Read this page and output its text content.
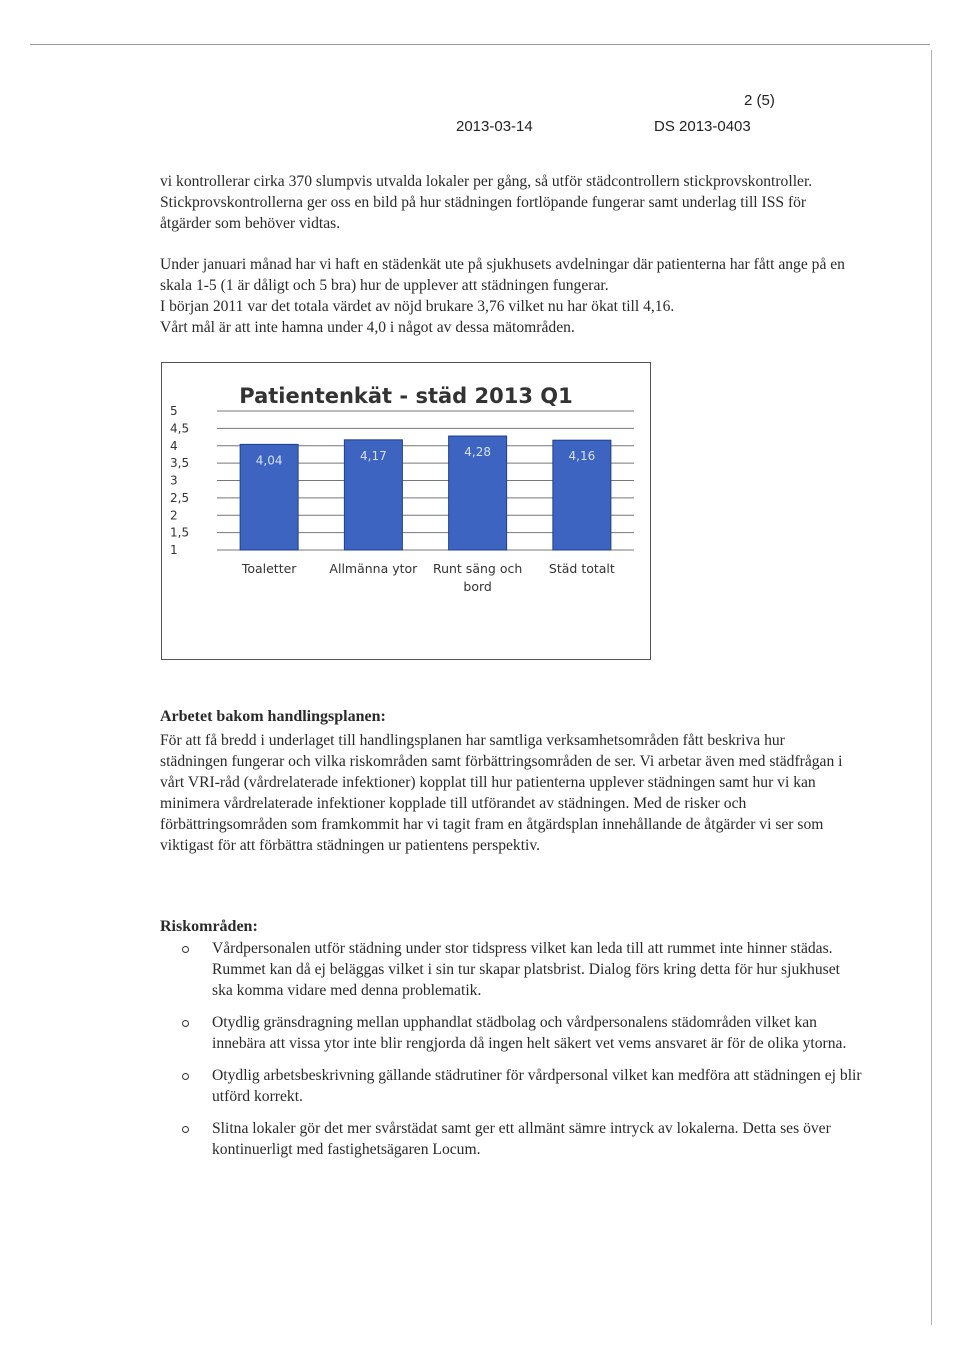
2 (5)
2013-03-14	DS 2013-0403

vi kontrollerar cirka 370 slumpvis utvalda lokaler per gång, så utför städcontrollern stickprovskontroller. Stickprovskontrollerna ger oss en bild på hur städningen fortlöpande fungerar samt underlag till ISS för åtgärder som behöver vidtas.

Under januari månad har vi haft en städenkät ute på sjukhusets avdelningar där patienterna har fått ange på en skala 1-5 (1 är dåligt och 5 bra) hur de upplever att städningen fungerar.
I början 2011 var det totala värdet av nöjd brukare 3,76 vilket nu har ökat till 4,16.
Vårt mål är att inte hamna under 4,0 i något av dessa mätområden.

Patientenkät - städ 2013 Q1
1
1,5
2
2,5
3
3,5
4
4,5
5
4,04
Toaletter
4,17
Allmänna ytor
4,28
Runt säng och
bord
4,16
Städ totalt
Arbetet bakom handlingsplanen:

För att få bredd i underlaget till handlingsplanen har samtliga verksamhetsområden fått beskriva hur städningen fungerar och vilka riskområden samt förbättringsområden de ser. Vi arbetar även med städfrågan i vårt VRI-råd (vårdrelaterade infektioner) kopplat till hur patienterna upplever städningen samt hur vi kan minimera vårdrelaterade infektioner kopplade till utförandet av städningen. Med de risker och förbättringsområden som framkommit har vi tagit fram en åtgärdsplan innehållande de åtgärder vi ser som viktigast för att förbättra städningen ur patientens perspektiv.

Riskområden:
Vårdpersonalen utför städning under stor tidspress vilket kan leda till att rummet inte hinner städas. Rummet kan då ej beläggas vilket i sin tur skapar platsbrist. Dialog förs kring detta för hur sjukhuset ska komma vidare med denna problematik.
Otydlig gränsdragning mellan upphandlat städbolag och vårdpersonalens städområden vilket kan innebära att vissa ytor inte blir rengjorda då ingen helt säkert vet vems ansvaret är för de olika ytorna.
Otydlig arbetsbeskrivning gällande städrutiner för vårdpersonal vilket kan medföra att städningen ej blir utförd korrekt.
Slitna lokaler gör det mer svårstädat samt ger ett allmänt sämre intryck av lokalerna. Detta ses över kontinuerligt med fastighetsägaren Locum.
